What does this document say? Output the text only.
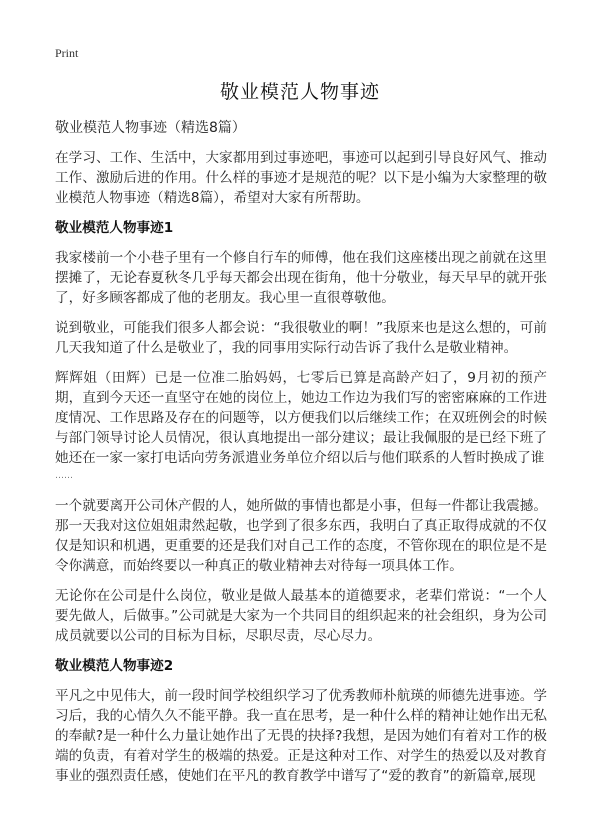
Print
敬业模范人物事迹

敬业模范人物事迹（精选8篇）

在学习、工作、生活中，大家都用到过事迹吧，事迹可以起到引导良好风气、推动工作、激励后进的作用。什么样的事迹才是规范的呢？以下是小编为大家整理的敬业模范人物事迹（精选8篇），希望对大家有所帮助。

敬业模范人物事迹1

我家楼前一个小巷子里有一个修自行车的师傅，他在我们这座楼出现之前就在这里摆摊了，无论春夏秋冬几乎每天都会出现在街角，他十分敬业，每天早早的就开张了，好多顾客都成了他的老朋友。我心里一直很尊敬他。

说到敬业，可能我们很多人都会说：“我很敬业的啊！”我原来也是这么想的，可前几天我知道了什么是敬业了，我的同事用实际行动告诉了我什么是敬业精神。

辉辉姐（田辉）已是一位准二胎妈妈，七零后已算是高龄产妇了，9月初的预产期，直到今天还一直坚守在她的岗位上，她边工作边为我们写的密密麻麻的工作进度情况、工作思路及存在的问题等，以方便我们以后继续工作；在双班例会的时候与部门领导讨论人员情况，很认真地提出一部分建议；最让我佩服的是已经下班了她还在一家一家打电话向劳务派遣业务单位介绍以后与他们联系的人暂时换成了谁

……

一个就要离开公司休产假的人，她所做的事情也都是小事，但每一件都让我震撼。那一天我对这位姐姐肃然起敬，也学到了很多东西，我明白了真正取得成就的不仅仅是知识和机遇，更重要的还是我们对自己工作的态度，不管你现在的职位是不是令你满意，而始终要以一种真正的敬业精神去对待每一项具体工作。

无论你在公司是什么岗位，敬业是做人最基本的道德要求，老辈们常说：“一个人要先做人，后做事。”公司就是大家为一个共同目的组织起来的社会组织，身为公司成员就要以公司的目标为目标，尽职尽责，尽心尽力。

敬业模范人物事迹2

平凡之中见伟大，前一段时间学校组织学习了优秀教师朴航瑛的师德先进事迹。学习后，我的心情久久不能平静。我一直在思考，是一种什么样的精神让她作出无私的奉献?是一种什么力量让她作出了无畏的抉择?我想，是因为她们有着对工作的极端的负责，有着对学生的极端的热爱。正是这种对工作、对学生的热爱以及对教育事业的强烈责任感，使她们在平凡的教育教学中谱写了“爱的教育”的新篇章,展现
